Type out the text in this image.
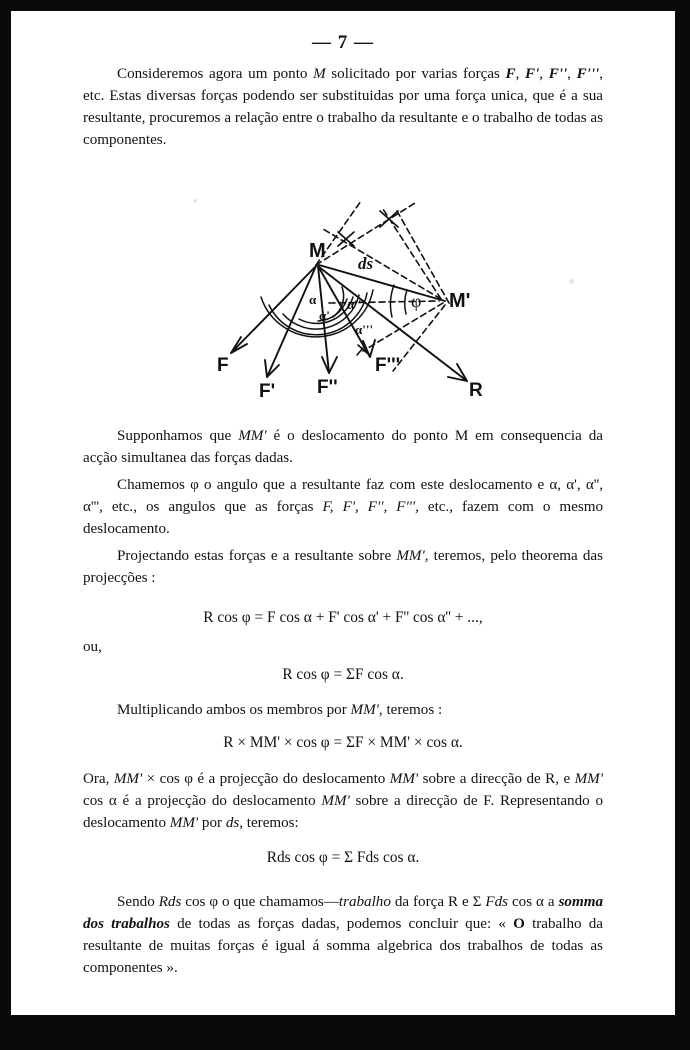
— 7 —
Consideremos agora um ponto M solicitado por varias forças F, F', F'', F''', etc. Estas diversas forças podendo ser substituidas por uma força unica, que é a sua resultante, procuremos a relação entre o trabalho da resultante e o trabalho de todas as componentes.
M
M'
ds
α
α'
α''
α'''
φ
F
F' F''
F'''
R
Supponhamos que MM' é o deslocamento do ponto M em consequencia da acção simultanea das forças dadas.
Chamemos φ o angulo que a resultante faz com este deslocamento e α, α', α'', α''', etc., os angulos que as forças F, F', F'', F''', etc., fazem com o mesmo deslocamento.
Projectando estas forças e a resultante sobre MM', teremos, pelo theorema das projecções :
R cos φ = F cos α + F' cos α' + F'' cos α'' + ...,
ou,
R cos φ = ΣF cos α.
Multiplicando ambos os membros por MM', teremos :
R × MM' × cos φ = ΣF × MM' × cos α.
Ora, MM' × cos φ é a projecção do deslocamento MM' sobre a direcção de R, e MM' cos α é a projecção do deslocamento MM' sobre a direcção de F. Representando o deslocamento MM' por ds, teremos:
Rds cos φ = Σ Fds cos α.
Sendo Rds cos φ o que chamamos—trabalho da força R e Σ Fds cos α a somma dos trabalhos de todas as forças dadas, podemos concluir que: « O trabalho da resultante de muitas forças é igual á somma algebrica dos trabalhos de todas as componentes ».
